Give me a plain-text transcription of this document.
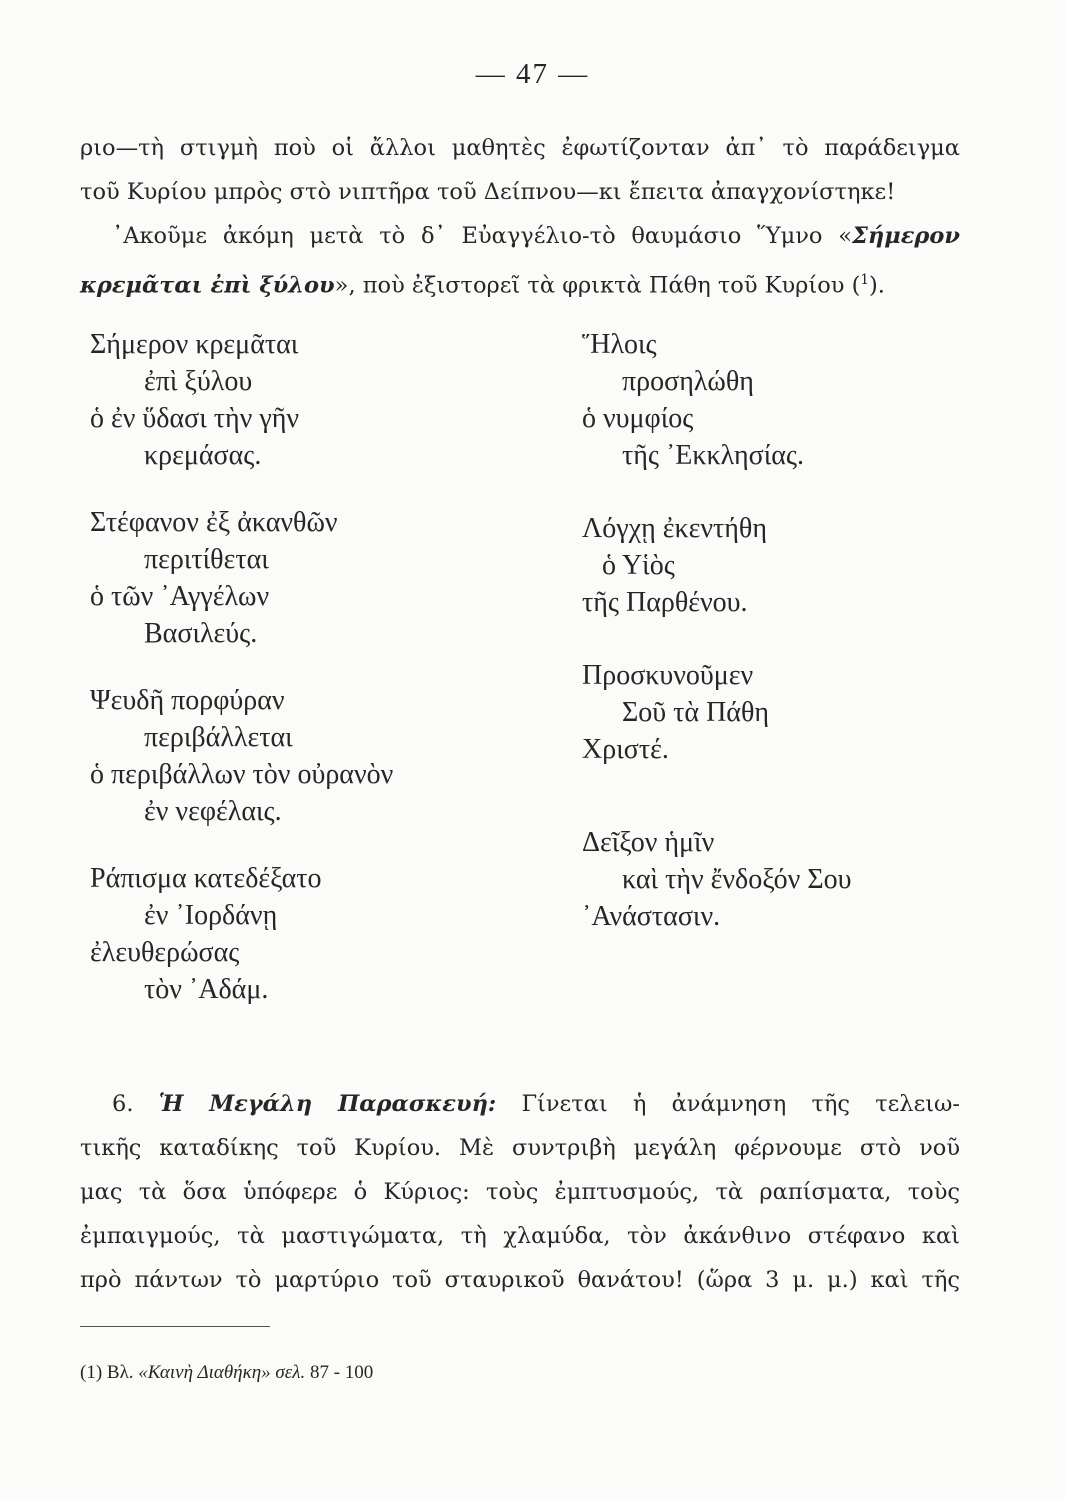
— 47 —

ριο—τὴ στιγμὴ ποὺ οἱ ἄλλοι μαθητὲς ἐφωτίζονταν ἀπ᾽ τὸ παράδειγμα

τοῦ Κυρίου μπρὸς στὸ νιπτῆρα τοῦ Δείπνου—κι ἔπειτα ἀπαγχονίστηκε!

᾿Ακοῦμε ἀκόμη μετὰ τὸ δ᾽ Εὐαγγέλιο-τὸ θαυμάσιο Ὕμνο «Σήμερον

κρεμᾶται ἐπὶ ξύλου», ποὺ ἐξιστορεῖ τὰ φρικτὰ Πάθη τοῦ Κυρίου ($^1$).

Σήμερον κρεμᾶται
ἐπὶ ξύλου
ὁ ἐν ὕδασι τὴν γῆν
κρεμάσας.
Στέφανον ἐξ ἀκανθῶν
περιτίθεται
ὁ τῶν ᾿Αγγέλων
Βασιλεύς.
Ψευδῆ πορφύραν
περιβάλλεται
ὁ περιβάλλων τὸν οὐρανὸν
ἐν νεφέλαις.
Ράπισμα κατεδέξατο
ἐν ᾿Ιορδάνῃ
ἐλευθερώσας
τὸν ᾿Αδάμ.
Ἥλοις
προσηλώθη
ὁ νυμφίος
τῆς ᾿Εκκλησίας.
Λόγχῃ ἐκεντήθη
ὁ Υἱὸς
τῆς Παρθένου.
Προσκυνοῦμεν
Σοῦ τὰ Πάθη
Χριστέ.
Δεῖξον ἡμῖν
καὶ τὴν ἔνδοξόν Σου
᾿Ανάστασιν.

6. Ἡ Μεγάλη Παρασκευή: Γίνεται ἡ ἀνάμνηση τῆς τελειω-

τικῆς καταδίκης τοῦ Κυρίου. Μὲ συντριβὴ μεγάλη φέρνουμε στὸ νοῦ

μας τὰ ὅσα ὑπόφερε ὁ Κύριος: τοὺς ἐμπτυσμούς, τὰ ραπίσματα, τοὺς

ἐμπαιγμούς, τὰ μαστιγώματα, τὴ χλαμύδα, τὸν ἀκάνθινο στέφανο καὶ

πρὸ πάντων τὸ μαρτύριο τοῦ σταυρικοῦ θανάτου! (ὥρα 3 μ. μ.) καὶ τῆς

(1) Βλ. «Καινὴ Διαθήκη» σελ. 87 - 100
